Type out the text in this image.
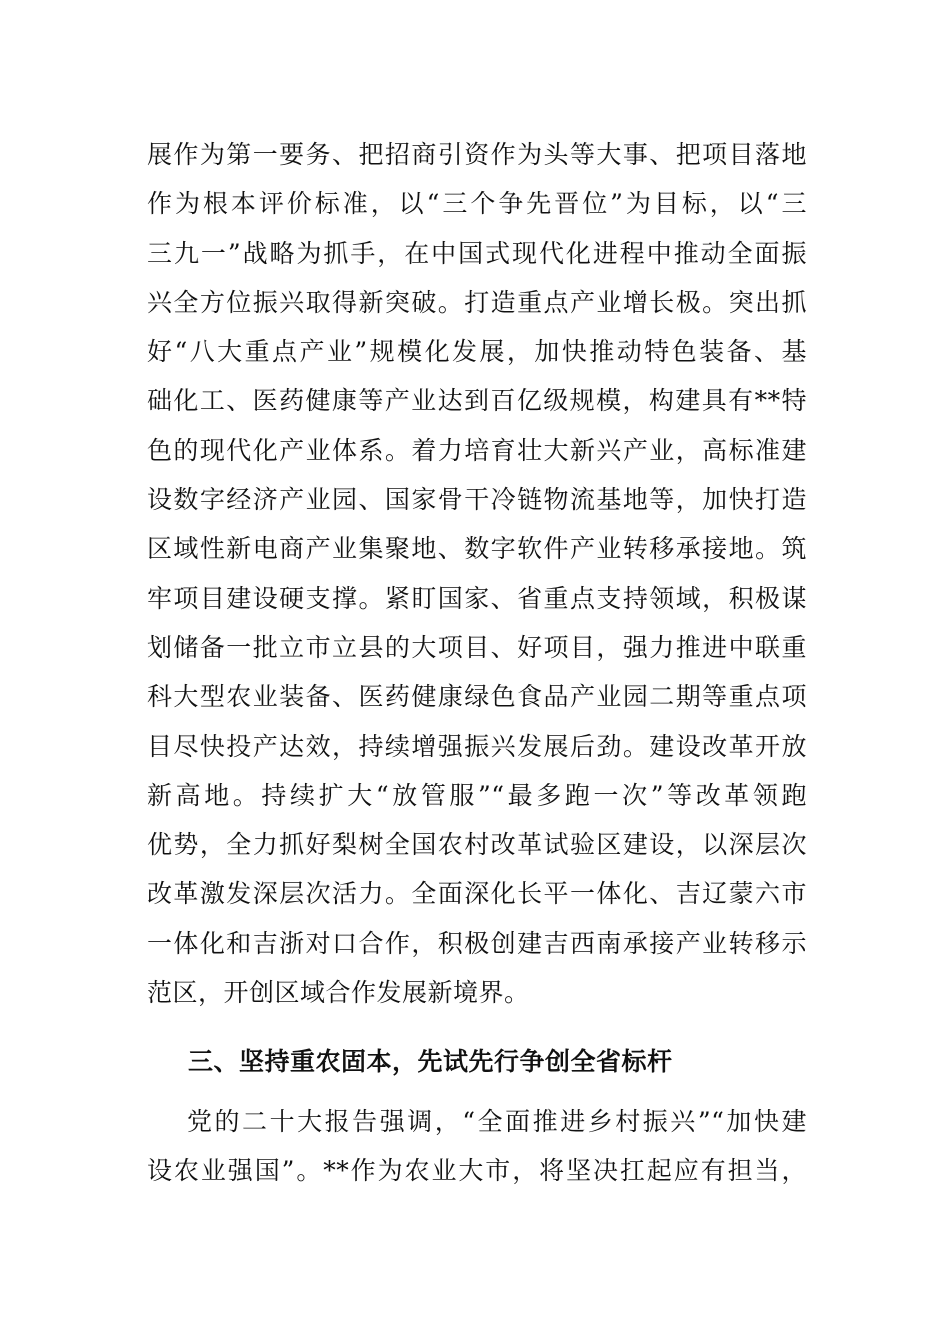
展作为第一要务、把招商引资作为头等大事、把项目落地
作为根本评价标准，以“三个争先晋位”为目标，以“三
三九一”战略为抓手，在中国式现代化进程中推动全面振
兴全方位振兴取得新突破。打造重点产业增长极。突出抓
好“八大重点产业”规模化发展，加快推动特色装备、基
础化工、医药健康等产业达到百亿级规模，构建具有**特
色的现代化产业体系。着力培育壮大新兴产业，高标准建
设数字经济产业园、国家骨干冷链物流基地等，加快打造
区域性新电商产业集聚地、数字软件产业转移承接地。筑
牢项目建设硬支撑。紧盯国家、省重点支持领域，积极谋
划储备一批立市立县的大项目、好项目，强力推进中联重
科大型农业装备、医药健康绿色食品产业园二期等重点项
目尽快投产达效，持续增强振兴发展后劲。建设改革开放
新高地。持续扩大“放管服”“最多跑一次”等改革领跑
优势，全力抓好梨树全国农村改革试验区建设，以深层次
改革激发深层次活力。全面深化长平一体化、吉辽蒙六市
一体化和吉浙对口合作，积极创建吉西南承接产业转移示
范区，开创区域合作发展新境界。
三、坚持重农固本，先试先行争创全省标杆
党的二十大报告强调，“全面推进乡村振兴”“加快建
设农业强国”。**作为农业大市，将坚决扛起应有担当，
